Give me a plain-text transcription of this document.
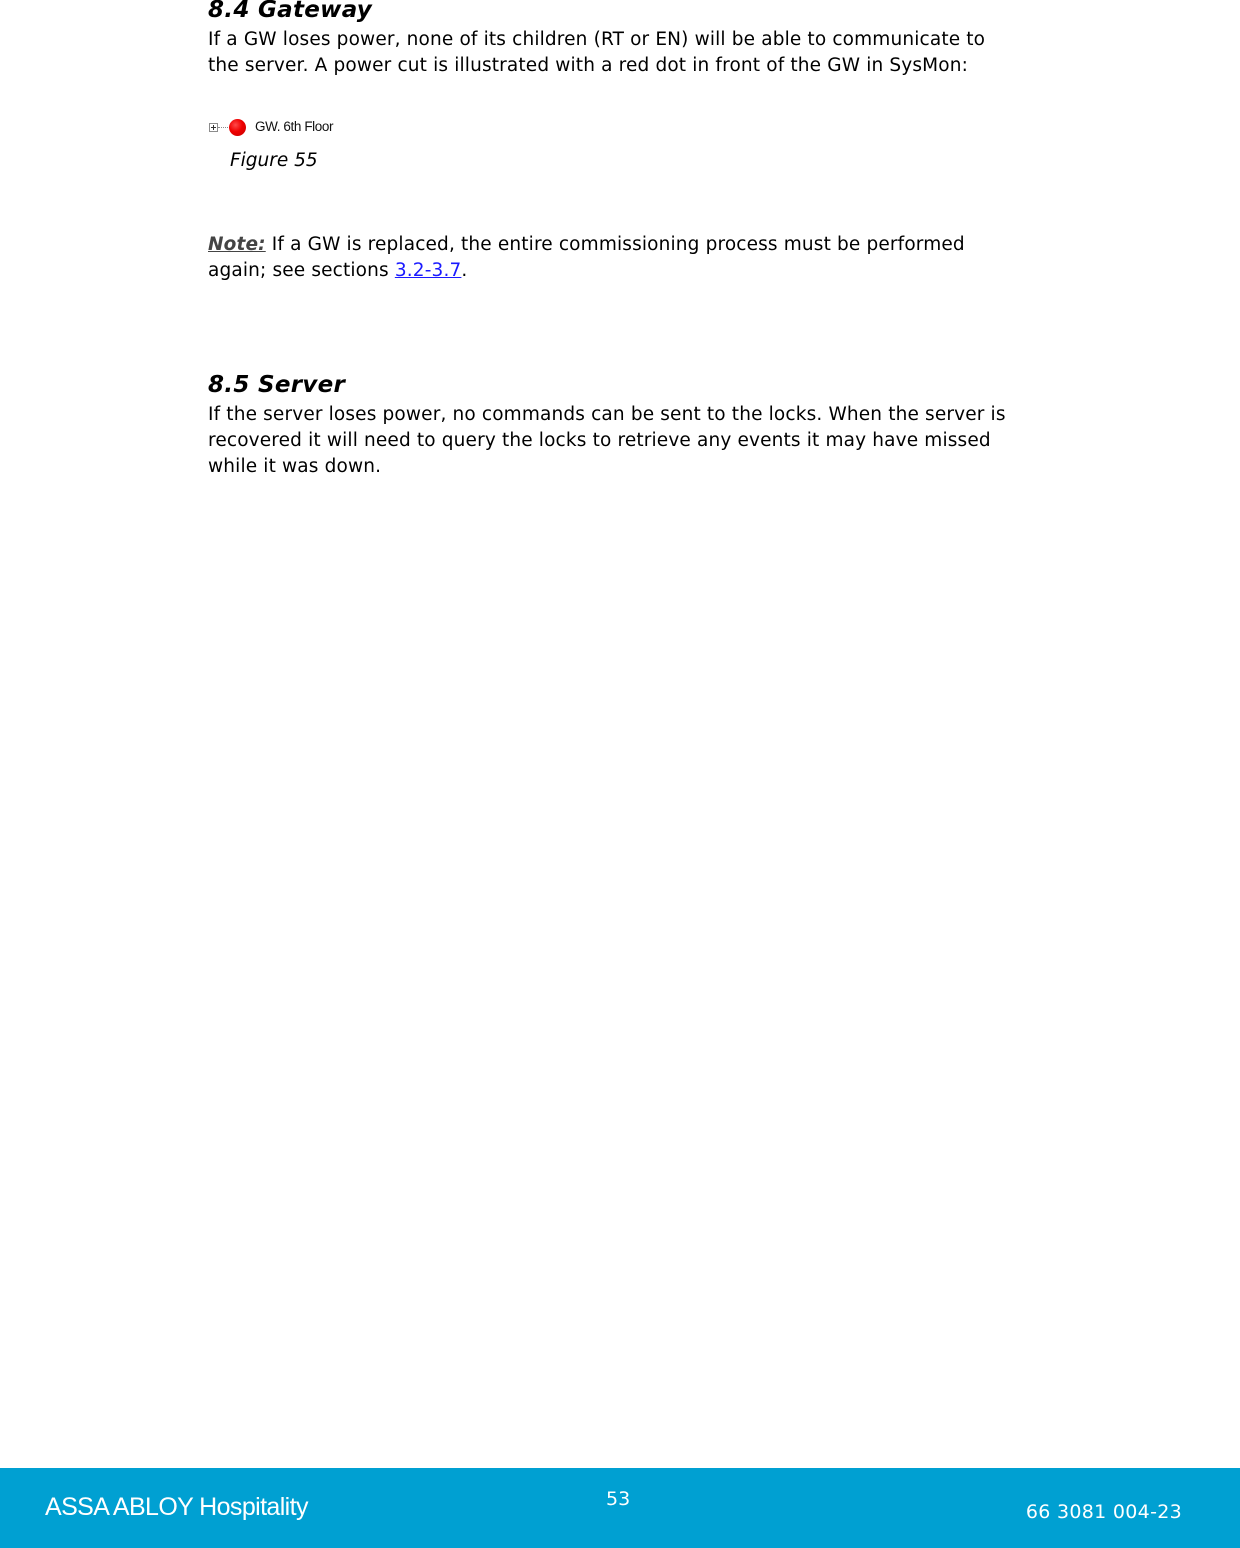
8.4 Gateway

If a GW loses power, none of its children (RT or EN) will be able to communicate to
the server. A power cut is illustrated with a red dot in front of the GW in SysMon:

GW. 6th Floor
Figure 55

Note: If a GW is replaced, the entire commissioning process must be performed
again; see sections 3.2-3.7.

8.5 Server

If the server loses power, no commands can be sent to the locks. When the server is
recovered it will need to query the locks to retrieve any events it may have missed
while it was down.

ASSA ABLOY Hospitality	53
66 3081 004-23
